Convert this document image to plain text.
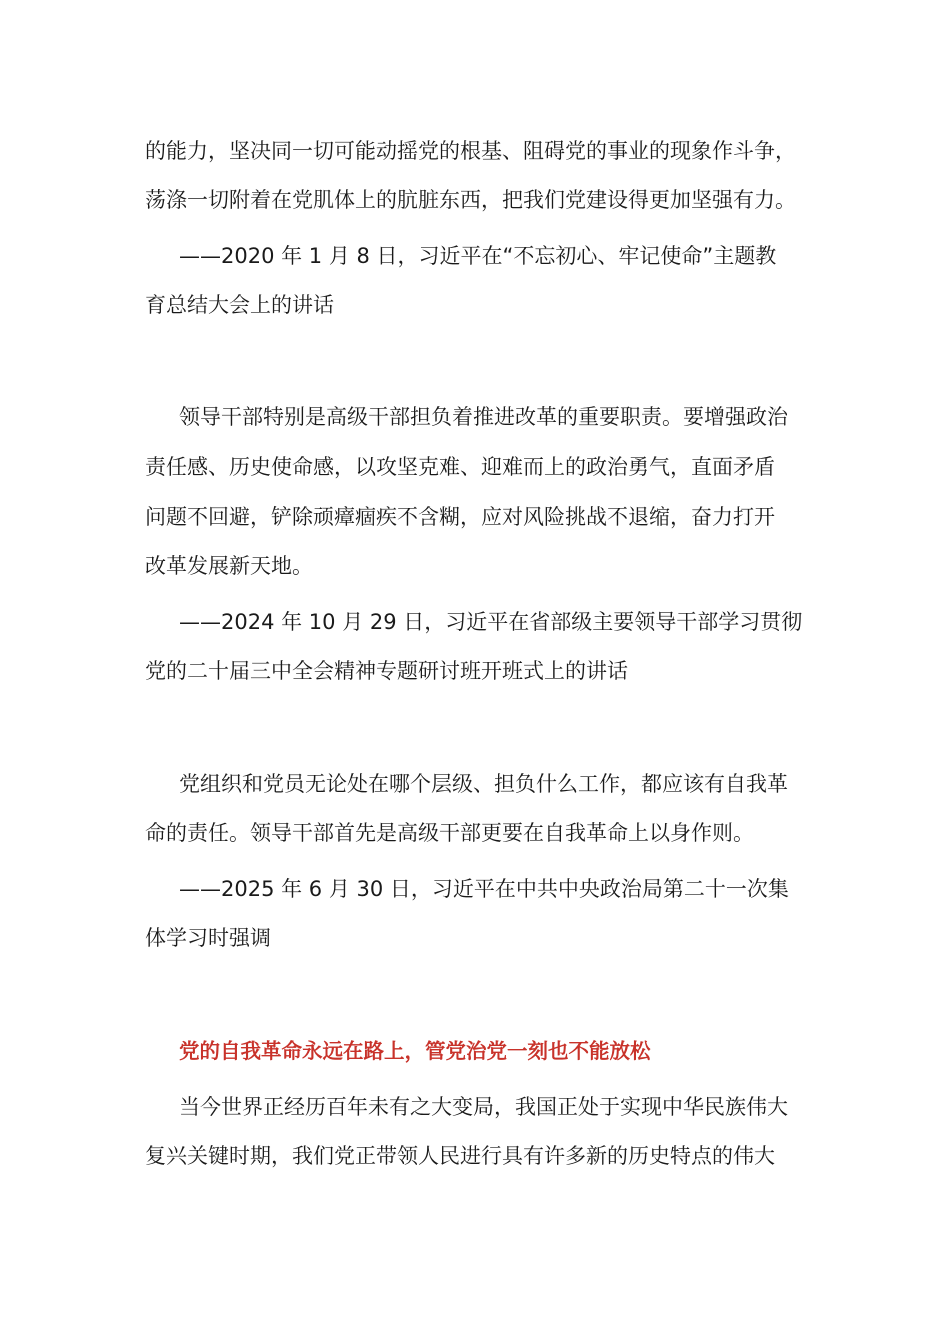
的能力，坚决同一切可能动摇党的根基、阻碍党的事业的现象作斗争，
荡涤一切附着在党肌体上的肮脏东西，把我们党建设得更加坚强有力。
——2020 年 1 月 8 日，习近平在“不忘初心、牢记使命”主题教
育总结大会上的讲话
领导干部特别是高级干部担负着推进改革的重要职责。要增强政治
责任感、历史使命感，以攻坚克难、迎难而上的政治勇气，直面矛盾
问题不回避，铲除顽瘴痼疾不含糊，应对风险挑战不退缩，奋力打开
改革发展新天地。
——2024 年 10 月 29 日，习近平在省部级主要领导干部学习贯彻
党的二十届三中全会精神专题研讨班开班式上的讲话
党组织和党员无论处在哪个层级、担负什么工作，都应该有自我革
命的责任。领导干部首先是高级干部更要在自我革命上以身作则。
——2025 年 6 月 30 日，习近平在中共中央政治局第二十一次集
体学习时强调
党的自我革命永远在路上，管党治党一刻也不能放松
当今世界正经历百年未有之大变局，我国正处于实现中华民族伟大
复兴关键时期，我们党正带领人民进行具有许多新的历史特点的伟大
